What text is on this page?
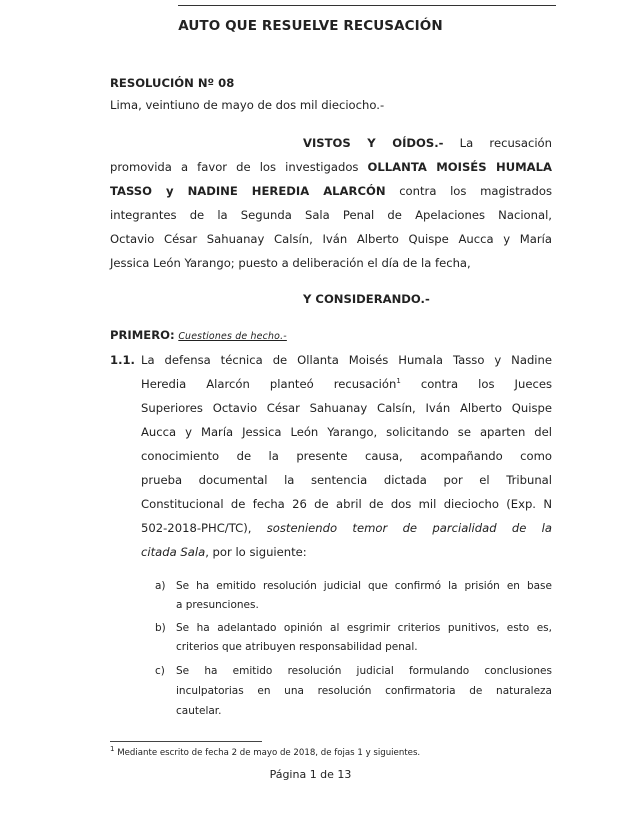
AUTO QUE RESUELVE RECUSACIÓN
RESOLUCIÓN Nº 08
Lima, veintiuno de mayo de dos mil dieciocho.-
VISTOS Y OÍDOS.- La recusación
promovida a favor de los investigados OLLANTA MOISÉS HUMALA
TASSO y NADINE HEREDIA ALARCÓN contra los magistrados
integrantes de la Segunda Sala Penal de Apelaciones Nacional,
Octavio César Sahuanay Calsín, Iván Alberto Quispe Aucca y María
Jessica León Yarango; puesto a deliberación el día de la fecha,
Y CONSIDERANDO.-
PRIMERO: Cuestiones de hecho.-
1.1. La defensa técnica de Ollanta Moisés Humala Tasso y Nadine
Heredia Alarcón planteó recusación$^1$ contra los Jueces
Superiores Octavio César Sahuanay Calsín, Iván Alberto Quispe
Aucca y María Jessica León Yarango, solicitando se aparten del
conocimiento de la presente causa, acompañando como
prueba documental la sentencia dictada por el Tribunal
Constitucional de fecha 26 de abril de dos mil dieciocho (Exp. N
502-2018-PHC/TC), sosteniendo temor de parcialidad de la
citada Sala, por lo siguiente:
a) Se ha emitido resolución judicial que confirmó la prisión en base
a presunciones.
b) Se ha adelantado opinión al esgrimir criterios punitivos, esto es,
criterios que atribuyen responsabilidad penal.
c) Se ha emitido resolución judicial formulando conclusiones
inculpatorias en una resolución confirmatoria de naturaleza
cautelar.
$^1$ Mediante escrito de fecha 2 de mayo de 2018, de fojas 1 y siguientes.
Página 1 de 13
